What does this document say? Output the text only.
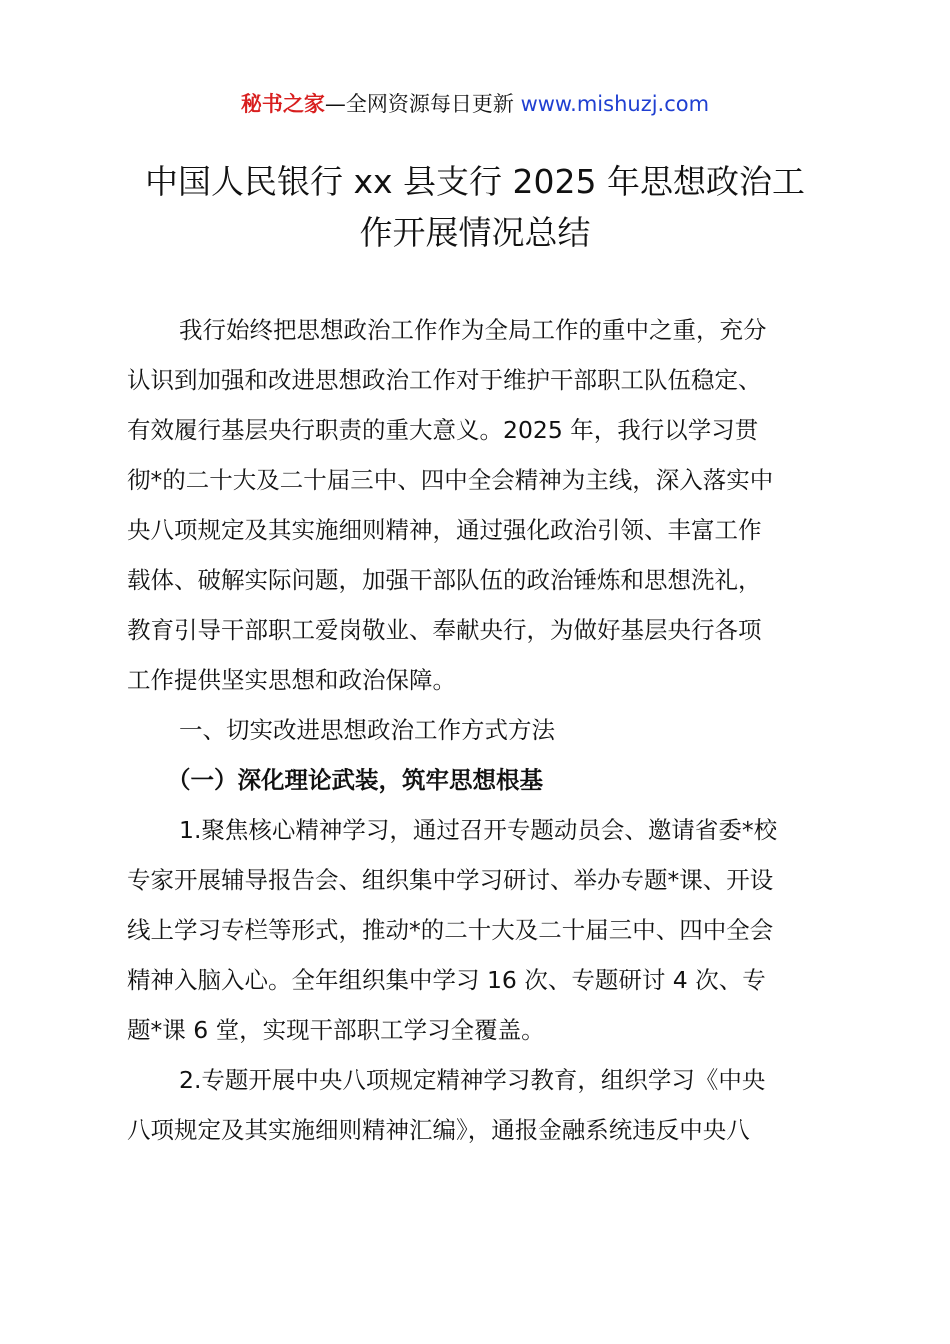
秘书之家—全网资源每日更新 www.mishuzj.com
中国人民银行 xx 县支行 2025 年思想政治工
作开展情况总结
我行始终把思想政治工作作为全局工作的重中之重，充分
认识到加强和改进思想政治工作对于维护干部职工队伍稳定、
有效履行基层央行职责的重大意义。2025 年，我行以学习贯
彻*的二十大及二十届三中、四中全会精神为主线，深入落实中
央八项规定及其实施细则精神，通过强化政治引领、丰富工作
载体、破解实际问题，加强干部队伍的政治锤炼和思想洗礼，
教育引导干部职工爱岗敬业、奉献央行，为做好基层央行各项
工作提供坚实思想和政治保障。
一、切实改进思想政治工作方式方法
（一）深化理论武装，筑牢思想根基
1.聚焦核心精神学习，通过召开专题动员会、邀请省委*校
专家开展辅导报告会、组织集中学习研讨、举办专题*课、开设
线上学习专栏等形式，推动*的二十大及二十届三中、四中全会
精神入脑入心。全年组织集中学习 16 次、专题研讨 4 次、专
题*课 6 堂，实现干部职工学习全覆盖。
2.专题开展中央八项规定精神学习教育，组织学习《中央
八项规定及其实施细则精神汇编》，通报金融系统违反中央八
